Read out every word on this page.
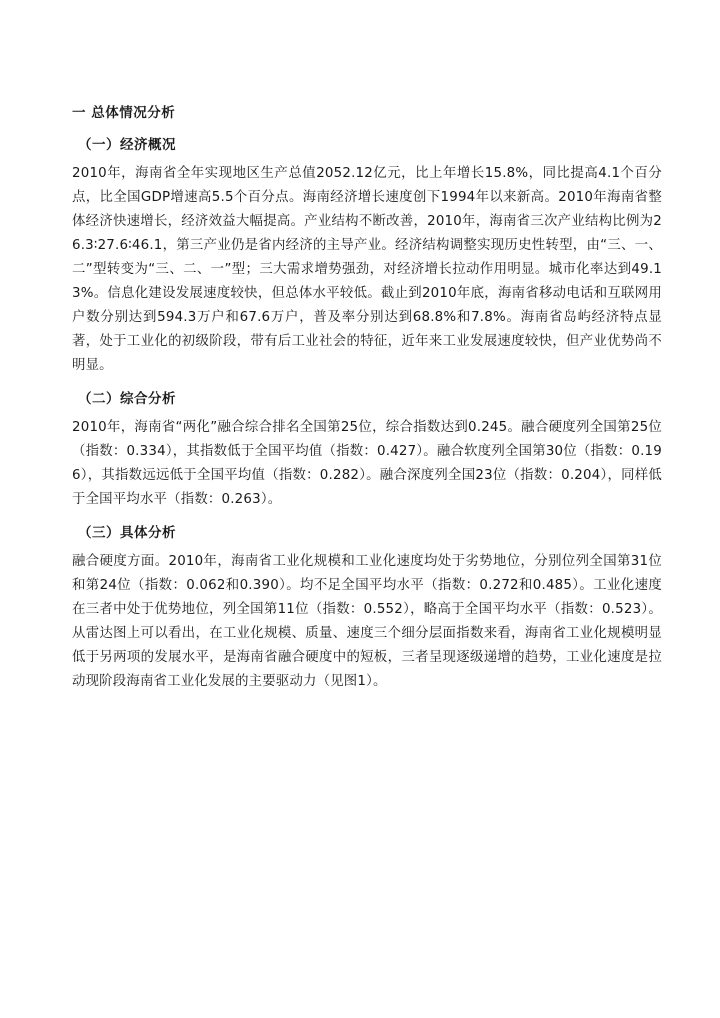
一 总体情况分析
（一）经济概况

2010年，海南省全年实现地区生产总值2052.12亿元，比上年增长15.8%，同比提高4.1个百分点，比全国GDP增速高5.5个百分点。海南经济增长速度创下1994年以来新高。2010年海南省整体经济快速增长，经济效益大幅提高。产业结构不断改善，2010年，海南省三次产业结构比例为26.3∶27.6∶46.1，第三产业仍是省内经济的主导产业。经济结构调整实现历史性转型，由“三、一、二”型转变为“三、二、一”型；三大需求增势强劲，对经济增长拉动作用明显。城市化率达到49.13%。信息化建设发展速度较快，但总体水平较低。截止到2010年底，海南省移动电话和互联网用户数分别达到594.3万户和67.6万户，普及率分别达到68.8%和7.8%。海南省岛屿经济特点显著，处于工业化的初级阶段，带有后工业社会的特征，近年来工业发展速度较快，但产业优势尚不明显。

（二）综合分析

2010年，海南省“两化”融合综合排名全国第25位，综合指数达到0.245。融合硬度列全国第25位（指数：0.334），其指数低于全国平均值（指数：0.427）。融合软度列全国第30位（指数：0.196），其指数远远低于全国平均值（指数：0.282）。融合深度列全国23位（指数：0.204），同样低于全国平均水平（指数：0.263）。

（三）具体分析

融合硬度方面。2010年，海南省工业化规模和工业化速度均处于劣势地位，分别位列全国第31位和第24位（指数：0.062和0.390）。均不足全国平均水平（指数：0.272和0.485）。工业化速度在三者中处于优势地位，列全国第11位（指数：0.552），略高于全国平均水平（指数：0.523）。从雷达图上可以看出，在工业化规模、质量、速度三个细分层面指数来看，海南省工业化规模明显低于另两项的发展水平，是海南省融合硬度中的短板，三者呈现逐级递增的趋势，工业化速度是拉动现阶段海南省工业化发展的主要驱动力（见图1）。
